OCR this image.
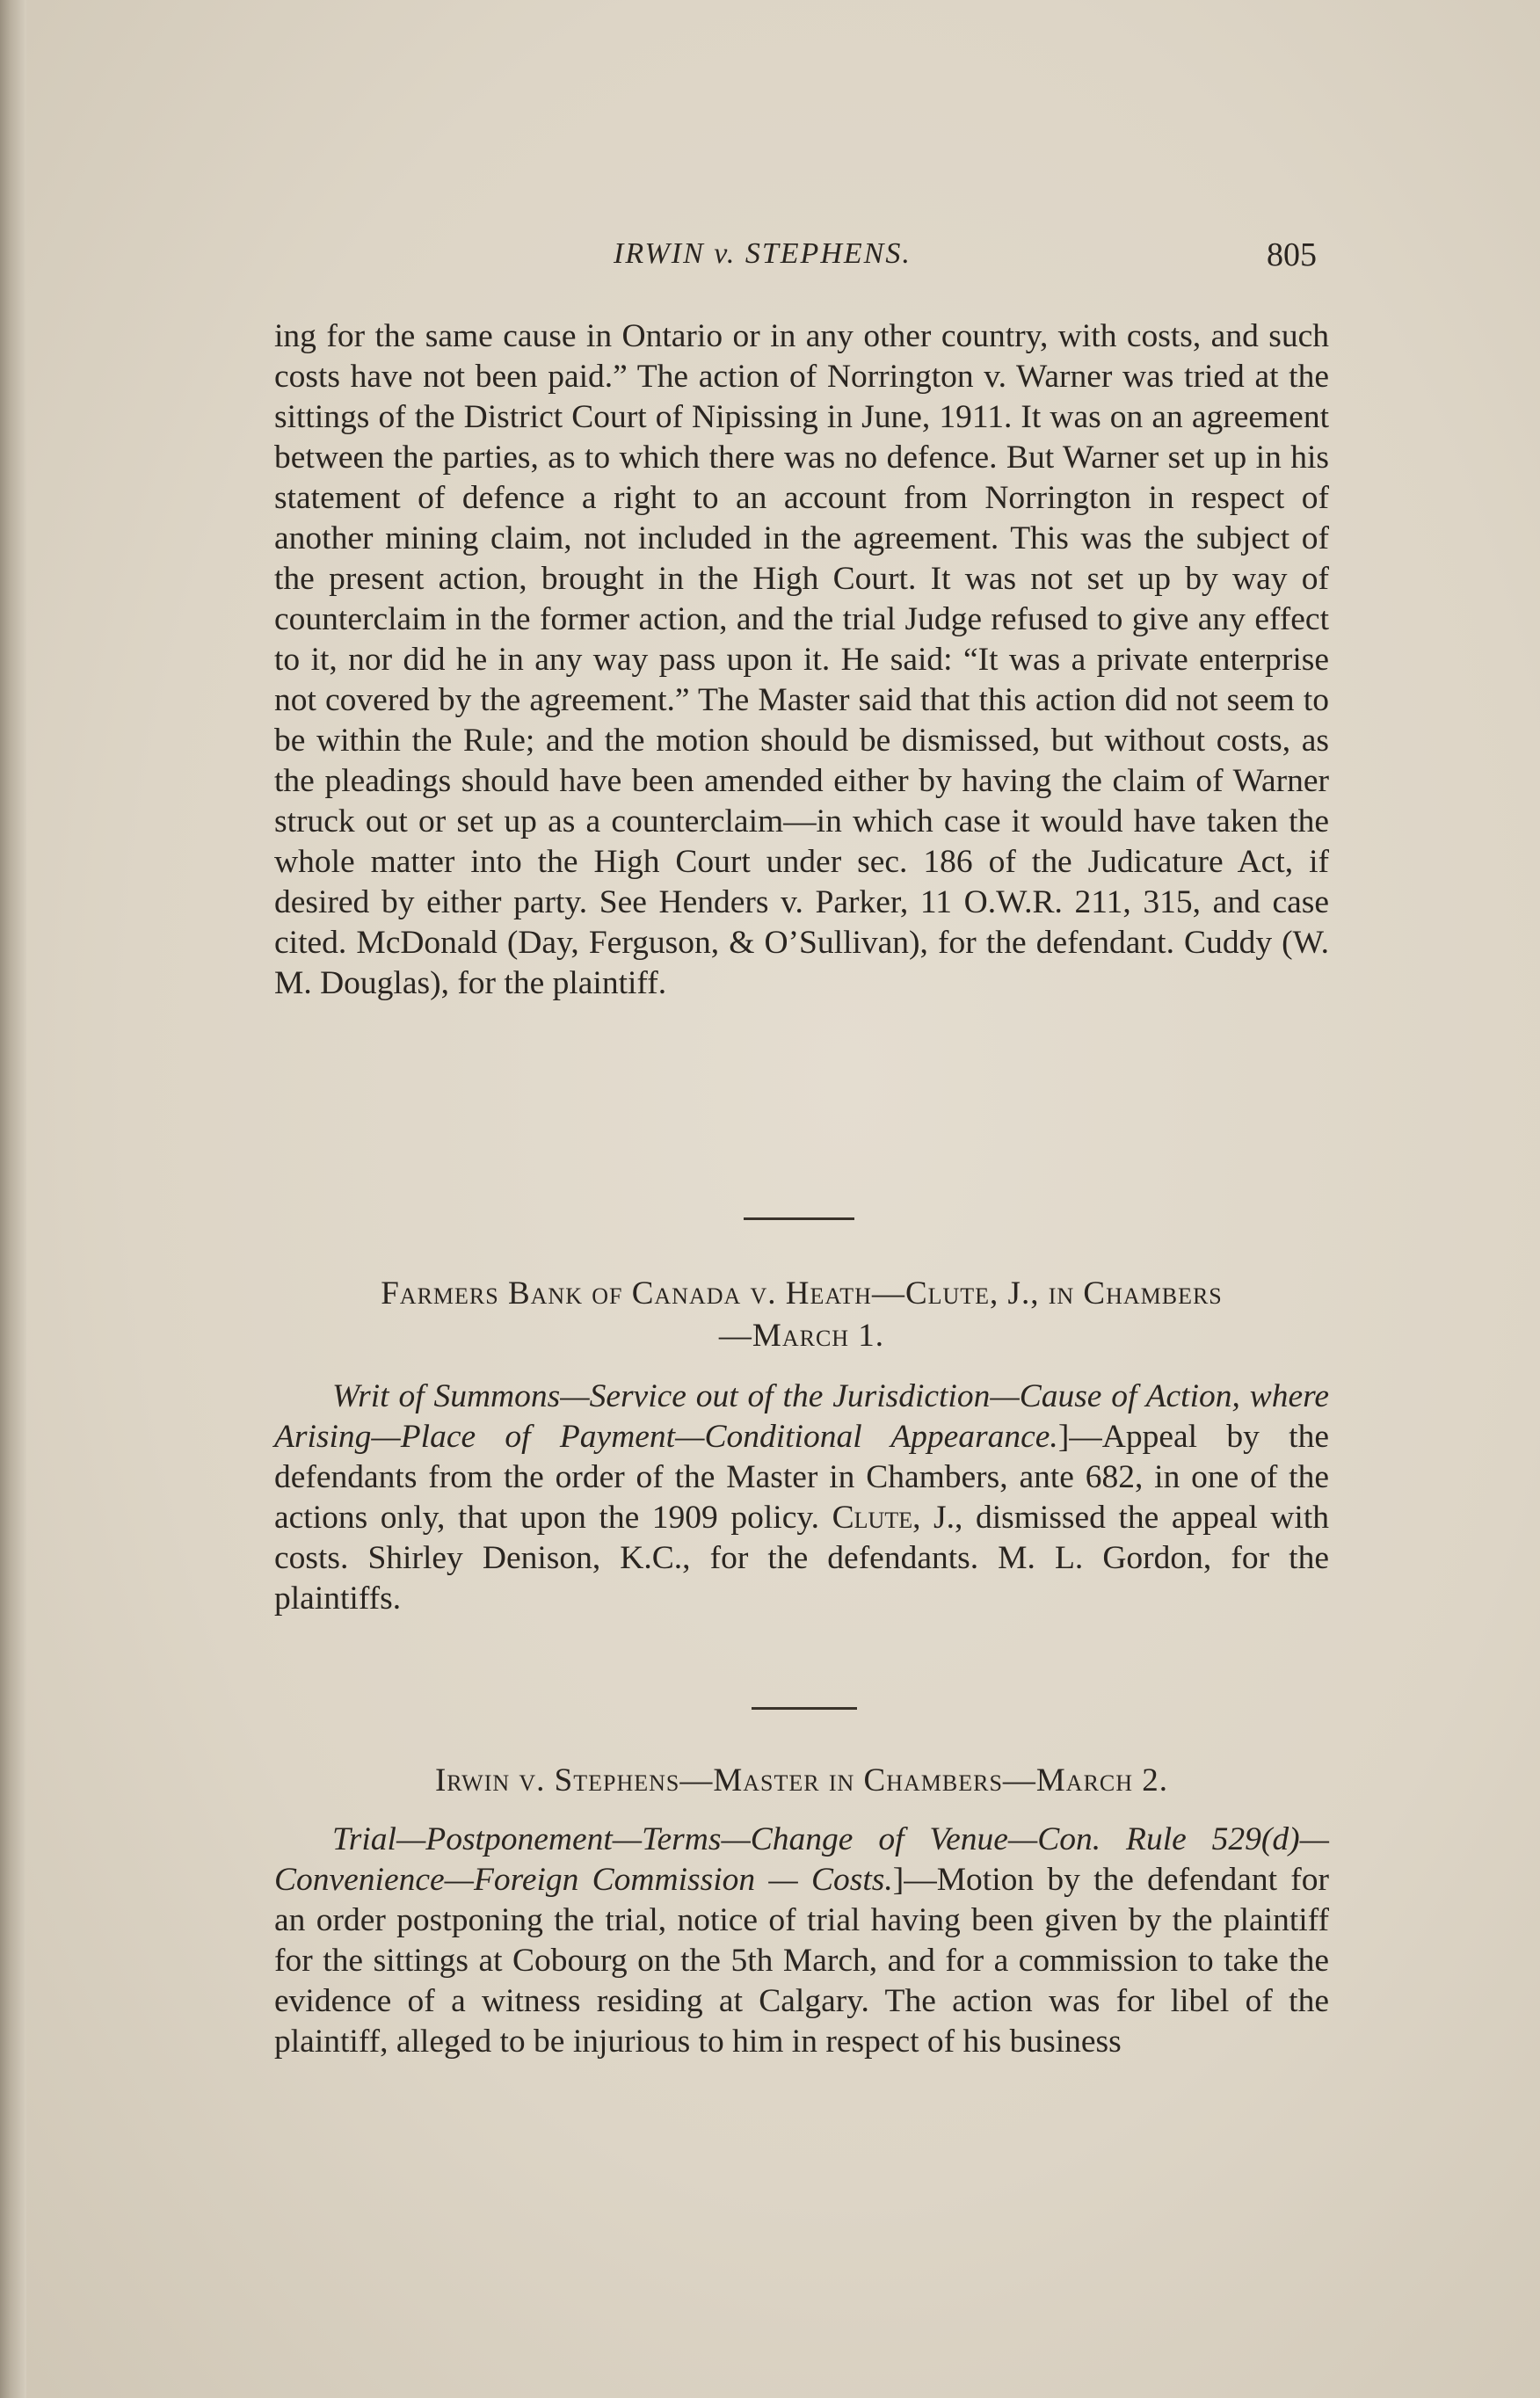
IRWIN v. STEPHENS.	805

ing for the same cause in Ontario or in any other country, with costs, and such costs have not been paid.” The action of Norrington v. Warner was tried at the sittings of the District Court of Nipissing in June, 1911. It was on an agreement between the parties, as to which there was no defence. But Warner set up in his statement of defence a right to an account from Norrington in respect of another mining claim, not included in the agreement. This was the subject of the present action, brought in the High Court. It was not set up by way of counterclaim in the former action, and the trial Judge refused to give any effect to it, nor did he in any way pass upon it. He said: “It was a private enterprise not covered by the agreement.” The Master said that this action did not seem to be within the Rule; and the motion should be dismissed, but without costs, as the pleadings should have been amended either by having the claim of Warner struck out or set up as a counterclaim—in which case it would have taken the whole matter into the High Court under sec. 186 of the Judicature Act, if desired by either party. See Henders v. Parker, 11 O.W.R. 211, 315, and case cited. McDonald (Day, Ferguson, & O’Sullivan), for the defendant. Cuddy (W. M. Douglas), for the plaintiff.

Farmers Bank of Canada v. Heath—Clute, J., in Chambers
—March 1.

Writ of Summons—Service out of the Jurisdiction—Cause of Action, where Arising—Place of Payment—Conditional Appearance.]—Appeal by the defendants from the order of the Master in Chambers, ante 682, in one of the actions only, that upon the 1909 policy. Clute, J., dismissed the appeal with costs. Shirley Denison, K.C., for the defendants. M. L. Gordon, for the plaintiffs.

Irwin v. Stephens—Master in Chambers—March 2.

Trial—Postponement—Terms—Change of Venue—Con. Rule 529(d)—Convenience—Foreign Commission — Costs.]—Motion by the defendant for an order postponing the trial, notice of trial having been given by the plaintiff for the sittings at Cobourg on the 5th March, and for a commission to take the evidence of a witness residing at Calgary. The action was for libel of the plaintiff, alleged to be injurious to him in respect of his business
